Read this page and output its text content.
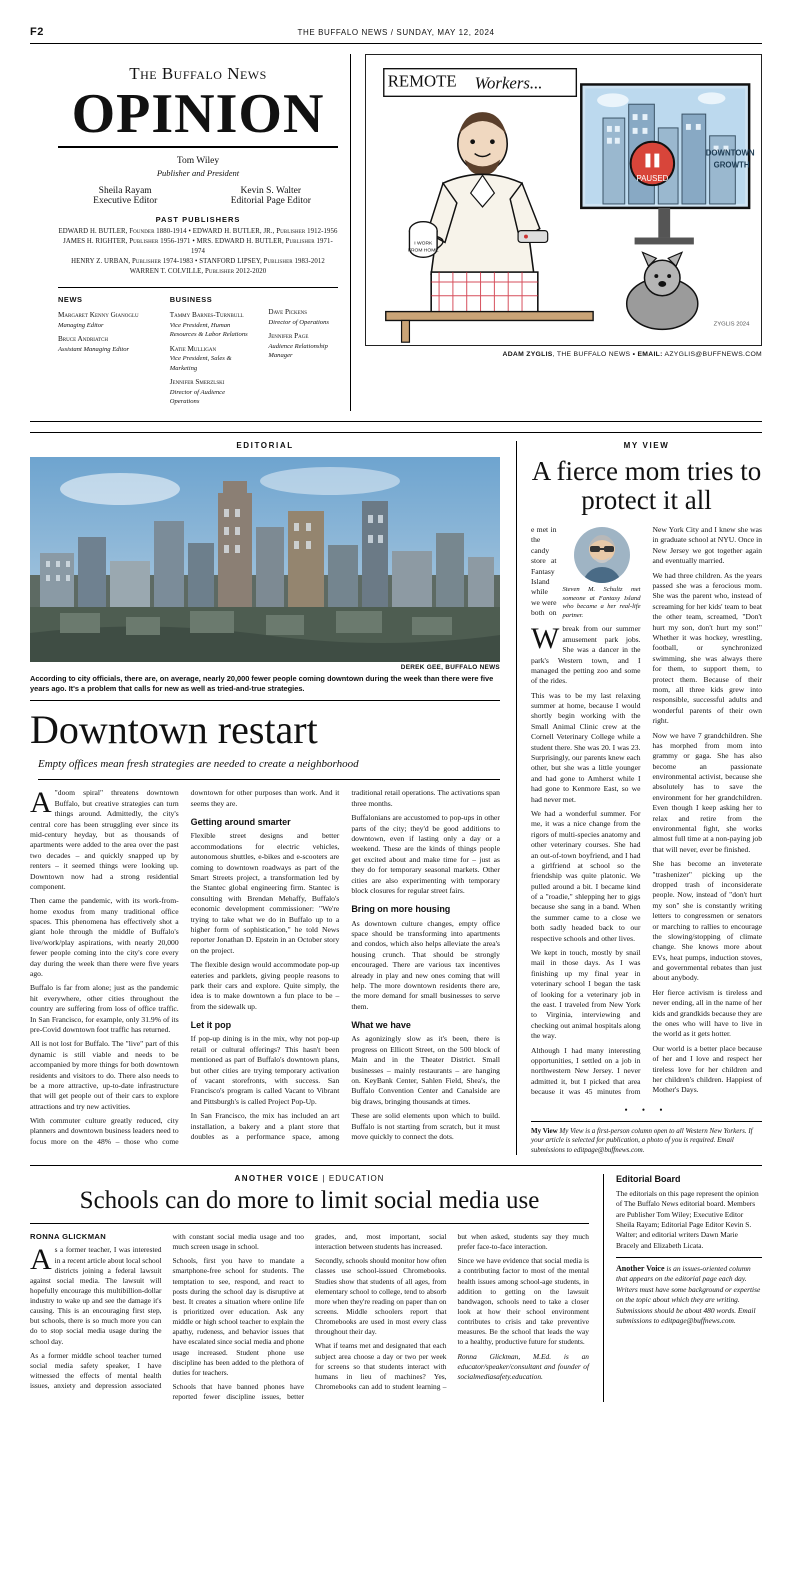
F2	THE BUFFALO NEWS / SUNDAY, MAY 12, 2024
The Buffalo News
OPINION
Tom Wiley
Publisher and President
Sheila Rayam
Executive Editor
Kevin S. Walter
Editorial Page Editor
PAST PUBLISHERS
EDWARD H. BUTLER, Founder 1880-1914 • EDWARD H. BUTLER, JR., Publisher 1912-1956
JAMES H. RIGHTER, Publisher 1956-1971 • MRS. EDWARD H. BUTLER, Publisher 1971-1974
HENRY Z. URBAN, Publisher 1974-1983 • STANFORD LIPSEY, Publisher 1983-2012
WARREN T. COLVILLE, Publisher 2012-2020
NEWS
Margaret Kenny Gianoglu
Managing Editor
Bruce Andriatch
Assistant Managing Editor
BUSINESS
Tammy Barnes-Turnbull
Vice President, Human Resources & Labor Relations
Katie Mulligan
Vice President, Sales & Marketing
Jennifer Smerzlski
Director of Audience Operations
Dave Pickens
Director of Operations
Jennifer Page
Audience Relationship Manager
REMOTE Workers...
PAUSED
DOWNTOWN
GROWTH
I WORK
FROM HOME
ZYGLIS 2024
ADAM ZYGLIS, THE BUFFALO NEWS • EMAIL: AZYGLIS@BUFFNEWS.COM
EDITORIAL
DEREK GEE, BUFFALO NEWS
According to city officials, there are, on average, nearly 20,000 fewer people coming downtown during the week than there were five years ago. It's a problem that calls for new as well as tried-and-true strategies.
Downtown restart
Empty offices mean fresh strategies are needed to create a neighborhood

A"doom spiral" threatens downtown Buffalo, but creative strategies can turn things around. Admittedly, the city's central core has been struggling ever since its mid-century heyday, but as thousands of apartments were added to the area over the past two decades – and quickly snapped up by renters – it seemed things were looking up. Downtown now had a strong residential component.

Then came the pandemic, with its work-from-home exodus from many traditional office spaces. This phenomena has effectively shot a giant hole through the middle of Buffalo's live/work/play aspirations, with nearly 20,000 fewer people coming into the city's core every day during the week than there were five years ago.

Buffalo is far from alone; just as the pandemic hit everywhere, other cities throughout the country are suffering from loss of office traffic. In San Francisco, for example, only 31.9% of its pre-Covid downtown foot traffic has returned.

All is not lost for Buffalo. The "live" part of this dynamic is still viable and needs to be accompanied by more things for both downtown residents and visitors to do. There also needs to be a more attractive, up-to-date infrastructure that will get people out of their cars to explore attractions and try new activities.

With commuter culture greatly reduced, city planners and downtown business leaders need to focus more on the 48% – those who come downtown for other purposes than work. And it seems they are.

Getting around smarter

Flexible street designs and better accommodations for electric vehicles, autonomous shuttles, e-bikes and e-scooters are coming to downtown roadways as part of the Smart Streets project, a transformation led by the Stantec global engineering firm. Stantec is consulting with Brendan Mehaffy, Buffalo's economic development commissioner: "We're trying to take what we do in Buffalo up to a higher form of sophistication," he told News reporter Jonathan D. Epstein in an October story on the project.

The flexible design would accommodate pop-up eateries and parklets, giving people reasons to park their cars and explore. Quite simply, the idea is to make downtown a fun place to be – from the sidewalk up.

Let it pop

If pop-up dining is in the mix, why not pop-up retail or cultural offerings? This hasn't been mentioned as part of Buffalo's downtown plans, but other cities are trying temporary activation of vacant storefronts, with success. San Francisco's program is called Vacant to Vibrant and Pittsburgh's is called Project Pop-Up.

In San Francisco, the mix has included an art installation, a bakery and a plant store that doubles as a performance space, among traditional retail operations. The activations span three months.

Buffalonians are accustomed to pop-ups in other parts of the city; they'd be good additions to downtown, even if lasting only a day or a weekend. These are the kinds of things people get excited about and make time for – just as they do for temporary seasonal markets. Other cities are also experimenting with temporary block closures for regular street fairs.

Bring on more housing

As downtown culture changes, empty office space should be transforming into apartments and condos, which also helps alleviate the area's housing crunch. That should be strongly encouraged. There are various tax incentives already in play and new ones coming that will help. The more downtown residents there are, the more demand for small businesses to serve them.

What we have

As agonizingly slow as it's been, there is progress on Ellicott Street, on the 500 block of Main and in the Theater District. Small businesses – mainly restaurants – are hanging on. KeyBank Center, Sahlen Field, Shea's, the Buffalo Convention Center and Canalside are big draws, bringing thousands at times.

These are solid elements upon which to build. Buffalo is not starting from scratch, but it must move quickly to connect the dots.

MY VIEW
A fierce mom tries to protect it all
Steven M. Schultz met someone at Fantasy Island who became a her real-life partner.

We met in the candy store at Fantasy Island while we were both on break from our summer amusement park jobs. She was a dancer in the park's Western town, and I managed the petting zoo and some of the rides.

This was to be my last relaxing summer at home, because I would shortly begin working with the Small Animal Clinic crew at the Cornell Veterinary College while a student there. She was 20. I was 23. Surprisingly, our parents knew each other, but she was a little younger and had gone to Amherst while I had gone to Kenmore East, so we had never met.

We had a wonderful summer. For me, it was a nice change from the rigors of multi-species anatomy and other veterinary courses. She had an out-of-town boyfriend, and I had a girlfriend at school so the friendship was quite platonic. We pulled around a bit. I became kind of a "roadie," shlepping her to gigs because she sang in a band. When the summer came to a close we both sadly headed back to our respective schools and other lives.

We kept in touch, mostly by snail mail in those days. As I was finishing up my final year in veterinary school I began the task of looking for a veterinary job in the east. I traveled from New York to Virginia, interviewing and checking out animal hospitals along the way.

Although I had many interesting opportunities, I settled on a job in northwestern New Jersey. I never admitted it, but I picked that area because it was 45 minutes from New York City and I knew she was in graduate school at NYU. Once in New Jersey we got together again and eventually married.

We had three children. As the years passed she was a ferocious mom. She was the parent who, instead of screaming for her kids' team to beat the other team, screamed, "Don't hurt my son, don't hurt my son!" Whether it was hockey, wrestling, football, or synchronized swimming, she was always there for them, to support them, to protect them. Because of their mom, all three kids grew into responsible, successful adults and wonderful parents of their own right.

Now we have 7 grandchildren. She has morphed from mom into grammy or gaga. She has also become an passionate environmental activist, because she absolutely has to save the environment for her grandchildren. Even though I keep asking her to relax and retire from the environmental fight, she works almost full time at a non-paying job that will never, ever be finished.

She has become an inveterate "trashenizer" picking up the dropped trash of inconsiderate people. Now, instead of "don't hurt my son" she is constantly writing letters to congressmen or senators or marching to rallies to encourage the slowing/stopping of climate change. She knows more about EVs, heat pumps, induction stoves, and governmental rebates than just about anybody.

Her fierce activism is tireless and never ending, all in the name of her kids and grandkids because they are the ones who will have to live in the world as it gets hotter.

Our world is a better place because of her and I love and respect her tireless love for her children and her children's children. Happiest of Mother's Days.

• • •
My View My View is a first-person column open to all Western New Yorkers. If your article is selected for publication, a photo of you is required. Email submissions to editpage@buffnews.com.
ANOTHER VOICE | EDUCATION
Schools can do more to limit social media use
RONNA GLICKMAN

As a former teacher, I was interested in a recent article about local school districts joining a federal lawsuit against social media. The lawsuit will hopefully encourage this multibillion-dollar industry to wake up and see the damage it's causing. This is an encouraging first step, but schools, there is so much more you can do to stop social media usage during the school day.

As a former middle school teacher turned social media safety speaker, I have witnessed the effects of mental health issues, anxiety and depression associated with constant social media usage and too much screen usage in school.

Schools, first you have to mandate a smartphone-free school for students. The temptation to see, respond, and react to posts during the school day is disruptive at best. It creates a situation where online life is prioritized over education. Ask any middle or high school teacher to explain the apathy, rudeness, and behavior issues that have escalated since social media and phone usage increased. Student phone use discipline has been added to the plethora of duties for teachers.

Schools that have banned phones have reported fewer discipline issues, better grades, and, most important, social interaction between students has increased.

Secondly, schools should monitor how often classes use school-issued Chromebooks. Studies show that students of all ages, from elementary school to college, tend to absorb more when they're reading on paper than on screens. Middle schoolers report that Chromebooks are used in most every class throughout their day.

What if teams met and designated that each subject area choose a day or two per week for screens so that students interact with humans in lieu of machines? Yes, Chromebooks can add to student learning – but when asked, students say they much prefer face-to-face interaction.

Since we have evidence that social media is a contributing factor to most of the mental health issues among school-age students, in addition to getting on the lawsuit bandwagon, schools need to take a closer look at how their school environment contributes to crisis and take preventive measures. Be the school that leads the way to a healthy, productive future for students.

Ronna Glickman, M.Ed. is an educator/speaker/consultant and founder of socialmediasafety.education.

Editorial Board

The editorials on this page represent the opinion of The Buffalo News editorial board. Members are Publisher Tom Wiley; Executive Editor Sheila Rayam; Editorial Page Editor Kevin S. Walter; and editorial writers Dawn Marie Bracely and Elizabeth Licata.

Another Voice is an issues-oriented column that appears on the editorial page each day. Writers must have some background or expertise on the topic about which they are writing. Submissions should be about 480 words. Email submissions to editpage@buffnews.com.
